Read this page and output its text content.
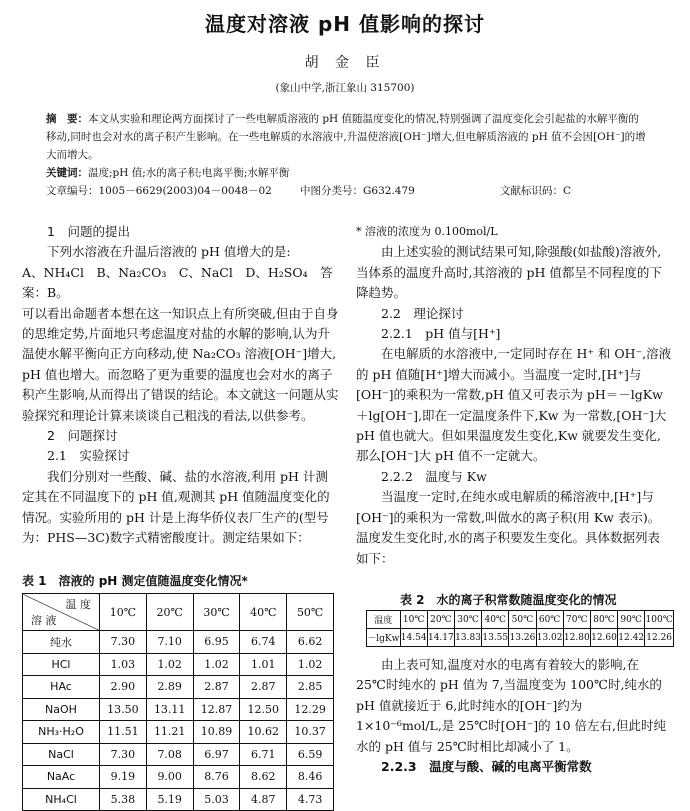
温度对溶液 pH 值影响的探讨
胡 金 臣
(象山中学,浙江象山 315700)
摘　要：本文从实验和理论两方面探讨了一些电解质溶液的 pH 值随温度变化的情况,特别强调了温度变化会引起盐的水解平衡的移动,同时也会对水的离子积产生影响。在一些电解质的水溶液中,升温使溶液[OH⁻]增大,但电解质溶液的 pH 值不会因[OH⁻]的增大而增大。
关键词：温度;pH 值;水的离子积;电离平衡;水解平衡
文章编号：1005－6629(2003)04－0048－02	中图分类号：G632.479	文献标识码：C

1　问题的提出

下列水溶液在升温后溶液的 pH 值增大的是:

A、NH₄Cl　B、Na₂CO₃　C、NaCl　D、H₂SO₄　答案：B。

可以看出命题者本想在这一知识点上有所突破,但由于自身的思维定势,片面地只考虑温度对盐的水解的影响,认为升温使水解平衡向正方向移动,使 Na₂CO₃ 溶液[OH⁻]增大, pH 值也增大。而忽略了更为重要的温度也会对水的离子积产生影响,从而得出了错误的结论。本文就这一问题从实验探究和理论计算来谈谈自己粗浅的看法,以供参考。

2　问题探讨

2.1　实验探讨

我们分别对一些酸、碱、盐的水溶液,利用 pH 计测定其在不同温度下的 pH 值,观测其 pH 值随温度变化的情况。实验所用的 pH 计是上海华侨仪表厂生产的(型号为：PHS—3C)数字式精密酸度计。测定结果如下：

表 1　溶液的 pH 测定值随温度变化情况*
温 度
溶 液	10℃	20℃	30℃	40℃	50℃
纯水	7.30	7.10	6.95	6.74	6.62
HCl	1.03	1.02	1.02	1.01	1.02
HAc	2.90	2.89	2.87	2.87	2.85
NaOH	13.50	13.11	12.87	12.50	12.29
NH₃·H₂O	11.51	11.21	10.89	10.62	10.37
NaCl	7.30	7.08	6.97	6.71	6.59
NaAc	9.19	9.00	8.76	8.62	8.46
NH₄Cl	5.38	5.19	5.03	4.87	4.73

* 溶液的浓度为 0.100mol/L

由上述实验的测试结果可知,除强酸(如盐酸)溶液外,当体系的温度升高时,其溶液的 pH 值都呈不同程度的下降趋势。

2.2　理论探讨

2.2.1　pH 值与[H⁺]

在电解质的水溶液中,一定同时存在 H⁺ 和 OH⁻,溶液的 pH 值随[H⁺]增大而减小。当温度一定时,[H⁺]与[OH⁻]的乘积为一常数,pH 值又可表示为 pH＝－lgKw＋lg[OH⁻],即在一定温度条件下,Kw 为一常数,[OH⁻]大 pH 值也就大。但如果温度发生变化,Kw 就要发生变化,那么[OH⁻]大 pH 值不一定就大。

2.2.2　温度与 Kw

当温度一定时,在纯水或电解质的稀溶液中,[H⁺]与[OH⁻]的乘积为一常数,叫做水的离子积(用 Kw 表示)。温度发生变化时,水的离子积要发生变化。具体数据列表如下：

表 2　水的离子积常数随温度变化的情况
温度	10℃	20℃	30℃	40℃	50℃	60℃	70℃	80℃	90℃	100℃
－lgKw	14.54	14.17	13.83	13.55	13.26	13.02	12.80	12.60	12.42	12.26

由上表可知,温度对水的电离有着较大的影响,在 25℃时纯水的 pH 值为 7,当温度变为 100℃时,纯水的 pH 值就接近于 6,此时纯水的[OH⁻]约为 1×10⁻⁶mol/L,是 25℃时[OH⁻]的 10 倍左右,但此时纯水的 pH 值与 25℃时相比却减小了 1。

2.2.3　温度与酸、碱的电离平衡常数
